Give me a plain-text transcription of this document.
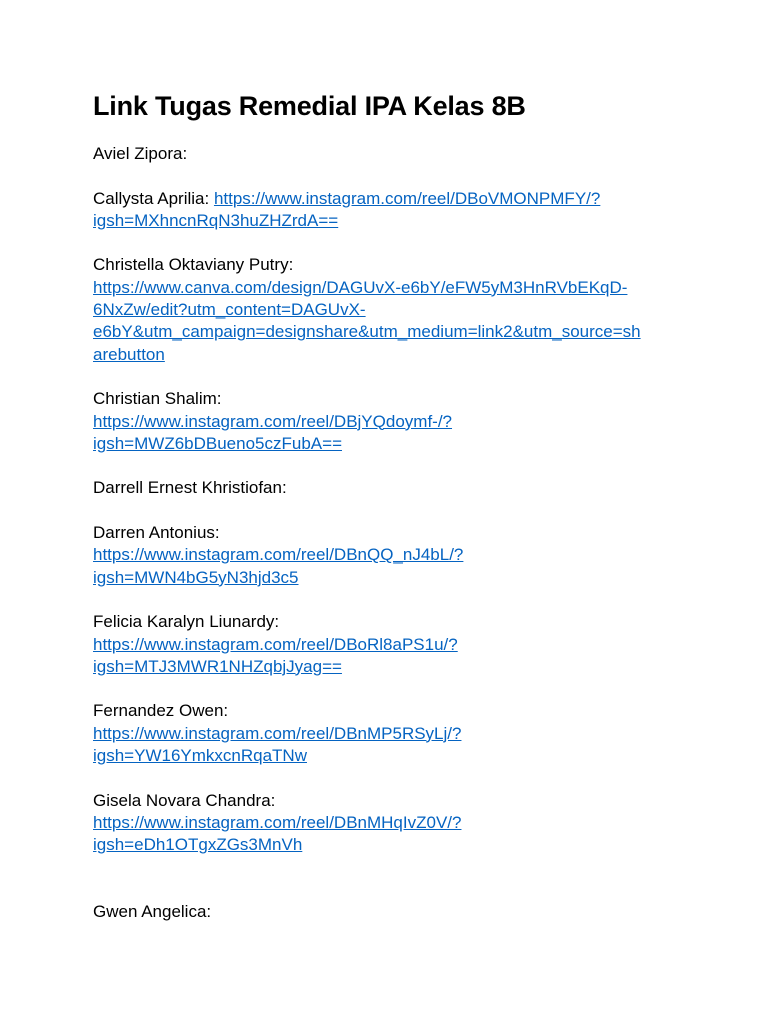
Link Tugas Remedial IPA Kelas 8B
Aviel Zipora:
Callysta Aprilia: https://www.instagram.com/reel/DBoVMONPMFY/?
igsh=MXhncnRqN3huZHZrdA==
Christella Oktaviany Putry:
https://www.canva.com/design/DAGUvX-e6bY/eFW5yM3HnRVbEKqD-
6NxZw/edit?utm_content=DAGUvX-
e6bY&utm_campaign=designshare&utm_medium=link2&utm_source=sh
arebutton
Christian Shalim:
https://www.instagram.com/reel/DBjYQdoymf-/?
igsh=MWZ6bDBueno5czFubA==
Darrell Ernest Khristiofan:
Darren Antonius:
https://www.instagram.com/reel/DBnQQ_nJ4bL/?
igsh=MWN4bG5yN3hjd3c5
Felicia Karalyn Liunardy:
https://www.instagram.com/reel/DBoRl8aPS1u/?
igsh=MTJ3MWR1NHZqbjJyag==
Fernandez Owen:
https://www.instagram.com/reel/DBnMP5RSyLj/?
igsh=YW16YmkxcnRqaTNw
Gisela Novara Chandra:
https://www.instagram.com/reel/DBnMHqIvZ0V/?
igsh=eDh1OTgxZGs3MnVh
Gwen Angelica:
